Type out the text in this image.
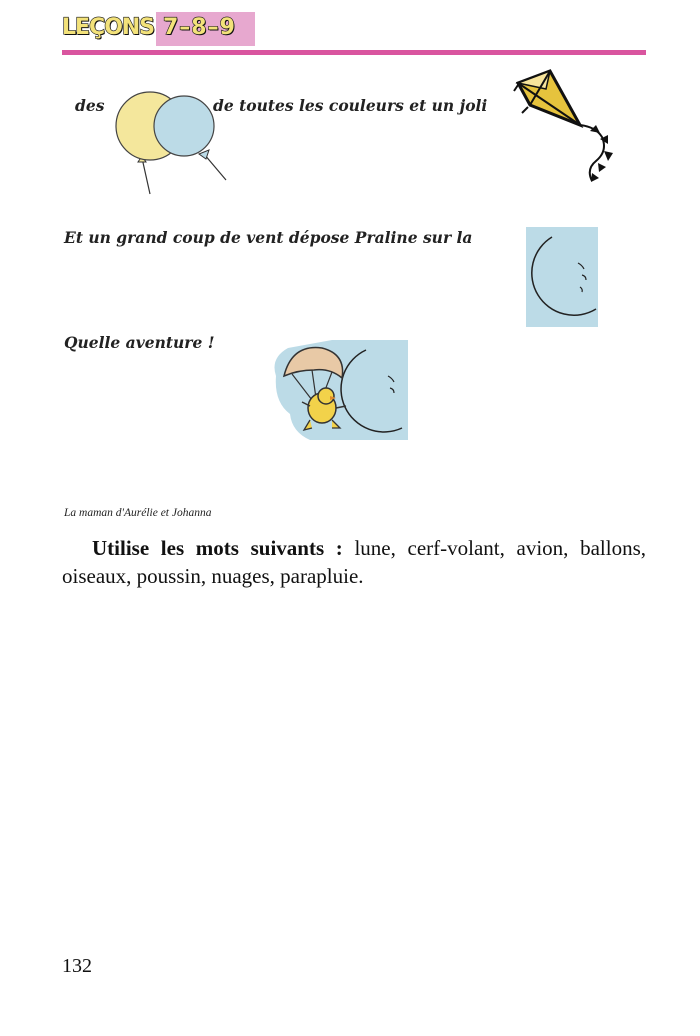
LEÇONS 7–8–9
des	de toutes les couleurs et un joli
Et un grand coup de vent dépose Praline sur la
Quelle aventure !
La maman d'Aurélie et Johanna
Utilise les mots suivants : lune, cerf-volant, avion, ballons, oiseaux, poussin, nuages, parapluie.
132
